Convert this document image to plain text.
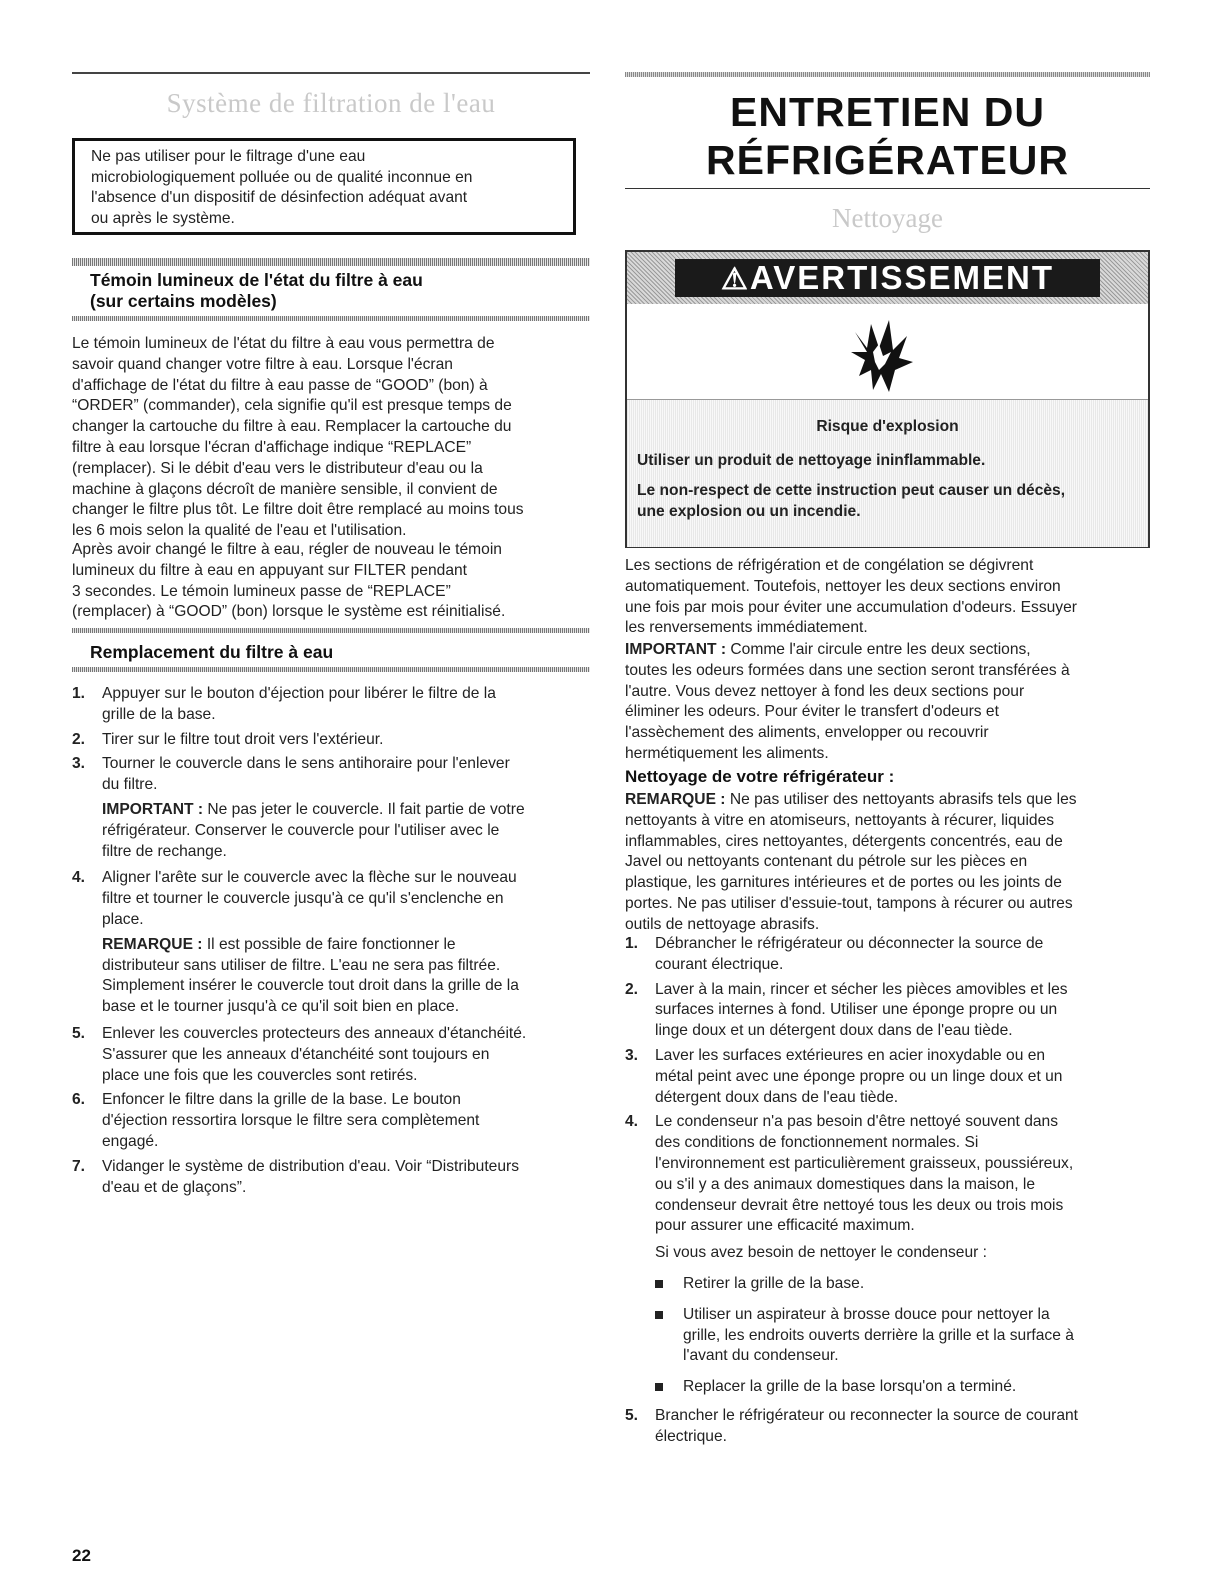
Système de filtration de l'eau
Ne pas utiliser pour le filtrage d'une eau
microbiologiquement polluée ou de qualité inconnue en
l'absence d'un dispositif de désinfection adéquat avant
ou après le système.
Témoin lumineux de l'état du filtre à eau
(sur certains modèles)
Le témoin lumineux de l'état du filtre à eau vous permettra de
savoir quand changer votre filtre à eau. Lorsque l'écran
d'affichage de l'état du filtre à eau passe de “GOOD” (bon) à
“ORDER” (commander), cela signifie qu'il est presque temps de
changer la cartouche du filtre à eau. Remplacer la cartouche du
filtre à eau lorsque l'écran d'affichage indique “REPLACE”
(remplacer). Si le débit d'eau vers le distributeur d'eau ou la
machine à glaçons décroît de manière sensible, il convient de
changer le filtre plus tôt. Le filtre doit être remplacé au moins tous
les 6 mois selon la qualité de l'eau et l'utilisation.
Après avoir changé le filtre à eau, régler de nouveau le témoin
lumineux du filtre à eau en appuyant sur FILTER pendant
3 secondes. Le témoin lumineux passe de “REPLACE”
(remplacer) à “GOOD” (bon) lorsque le système est réinitialisé.
Remplacement du filtre à eau
1. Appuyer sur le bouton d'éjection pour libérer le filtre de la
grille de la base.
2. Tirer sur le filtre tout droit vers l'extérieur.
3. Tourner le couvercle dans le sens antihoraire pour l'enlever
du filtre.
IMPORTANT : Ne pas jeter le couvercle. Il fait partie de votre
réfrigérateur. Conserver le couvercle pour l'utiliser avec le
filtre de rechange.
4. Aligner l'arête sur le couvercle avec la flèche sur le nouveau
filtre et tourner le couvercle jusqu'à ce qu'il s'enclenche en
place.
REMARQUE : Il est possible de faire fonctionner le
distributeur sans utiliser de filtre. L'eau ne sera pas filtrée.
Simplement insérer le couvercle tout droit dans la grille de la
base et le tourner jusqu'à ce qu'il soit bien en place.
5. Enlever les couvercles protecteurs des anneaux d'étanchéité.
S'assurer que les anneaux d'étanchéité sont toujours en
place une fois que les couvercles sont retirés.
6. Enfoncer le filtre dans la grille de la base. Le bouton
d'éjection ressortira lorsque le filtre sera complètement
engagé.
7. Vidanger le système de distribution d'eau. Voir “Distributeurs
d'eau et de glaçons”.
ENTRETIEN DU
RÉFRIGÉRATEUR
Nettoyage
⚠AVERTISSEMENT
Risque d'explosion
Utiliser un produit de nettoyage ininflammable.
Le non-respect de cette instruction peut causer un décès,
une explosion ou un incendie.
Les sections de réfrigération et de congélation se dégivrent
automatiquement. Toutefois, nettoyer les deux sections environ
une fois par mois pour éviter une accumulation d'odeurs. Essuyer
les renversements immédiatement.
IMPORTANT : Comme l'air circule entre les deux sections,
toutes les odeurs formées dans une section seront transférées à
l'autre. Vous devez nettoyer à fond les deux sections pour
éliminer les odeurs. Pour éviter le transfert d'odeurs et
l'assèchement des aliments, envelopper ou recouvrir
hermétiquement les aliments.
Nettoyage de votre réfrigérateur :
REMARQUE : Ne pas utiliser des nettoyants abrasifs tels que les
nettoyants à vitre en atomiseurs, nettoyants à récurer, liquides
inflammables, cires nettoyantes, détergents concentrés, eau de
Javel ou nettoyants contenant du pétrole sur les pièces en
plastique, les garnitures intérieures et de portes ou les joints de
portes. Ne pas utiliser d'essuie-tout, tampons à récurer ou autres
outils de nettoyage abrasifs.
1. Débrancher le réfrigérateur ou déconnecter la source de
courant électrique.
2. Laver à la main, rincer et sécher les pièces amovibles et les
surfaces internes à fond. Utiliser une éponge propre ou un
linge doux et un détergent doux dans de l'eau tiède.
3. Laver les surfaces extérieures en acier inoxydable ou en
métal peint avec une éponge propre ou un linge doux et un
détergent doux dans de l'eau tiède.
4. Le condenseur n'a pas besoin d'être nettoyé souvent dans
des conditions de fonctionnement normales. Si
l'environnement est particulièrement graisseux, poussiéreux,
ou s'il y a des animaux domestiques dans la maison, le
condenseur devrait être nettoyé tous les deux ou trois mois
pour assurer une efficacité maximum.
Si vous avez besoin de nettoyer le condenseur :
Retirer la grille de la base.
Utiliser un aspirateur à brosse douce pour nettoyer la
grille, les endroits ouverts derrière la grille et la surface à
l'avant du condenseur.
Replacer la grille de la base lorsqu'on a terminé.
5. Brancher le réfrigérateur ou reconnecter la source de courant
électrique.
22
